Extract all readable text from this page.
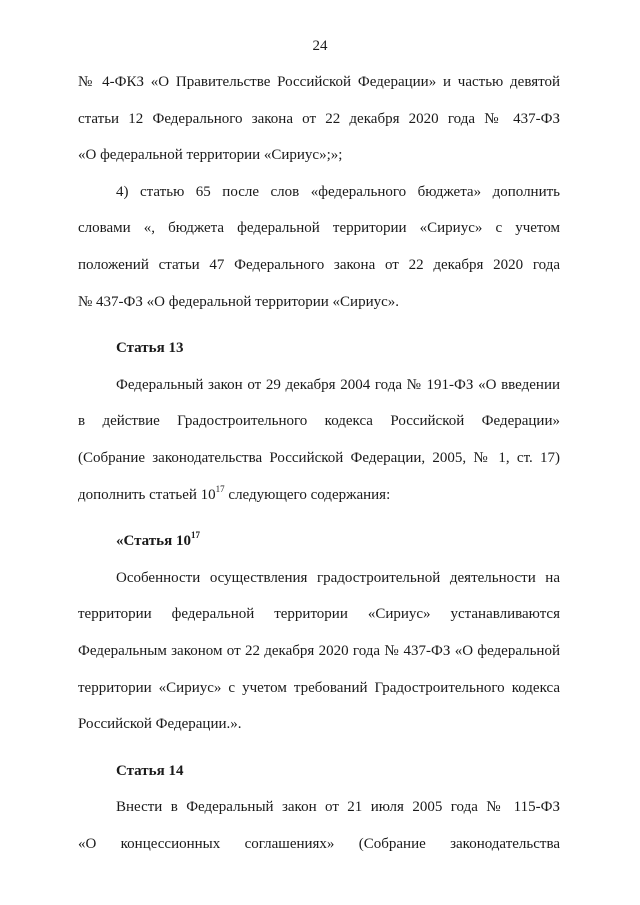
24
№ 4-ФКЗ «О Правительстве Российской Федерации» и частью девятой
статьи 12 Федерального закона от 22 декабря 2020 года № 437-ФЗ
«О федеральной территории «Сириус»;»;
4) статью 65 после слов «федерального бюджета» дополнить
словами «, бюджета федеральной территории «Сириус» с учетом
положений статьи 47 Федерального закона от 22 декабря 2020 года
№ 437-ФЗ «О федеральной территории «Сириус».
Статья 13
Федеральный закон от 29 декабря 2004 года № 191-ФЗ «О введении
в действие Градостроительного кодекса Российской Федерации»
(Собрание законодательства Российской Федерации, 2005, № 1, ст. 17)
дополнить статьей $10^{17}$ следующего содержания:
«Статья $10^{17}$
Особенности осуществления градостроительной деятельности на
территории федеральной территории «Сириус» устанавливаются
Федеральным законом от 22 декабря 2020 года № 437-ФЗ «О федеральной
территории «Сириус» с учетом требований Градостроительного кодекса
Российской Федерации.».
Статья 14
Внести в Федеральный закон от 21 июля 2005 года № 115-ФЗ
«О концессионных соглашениях» (Собрание законодательства
